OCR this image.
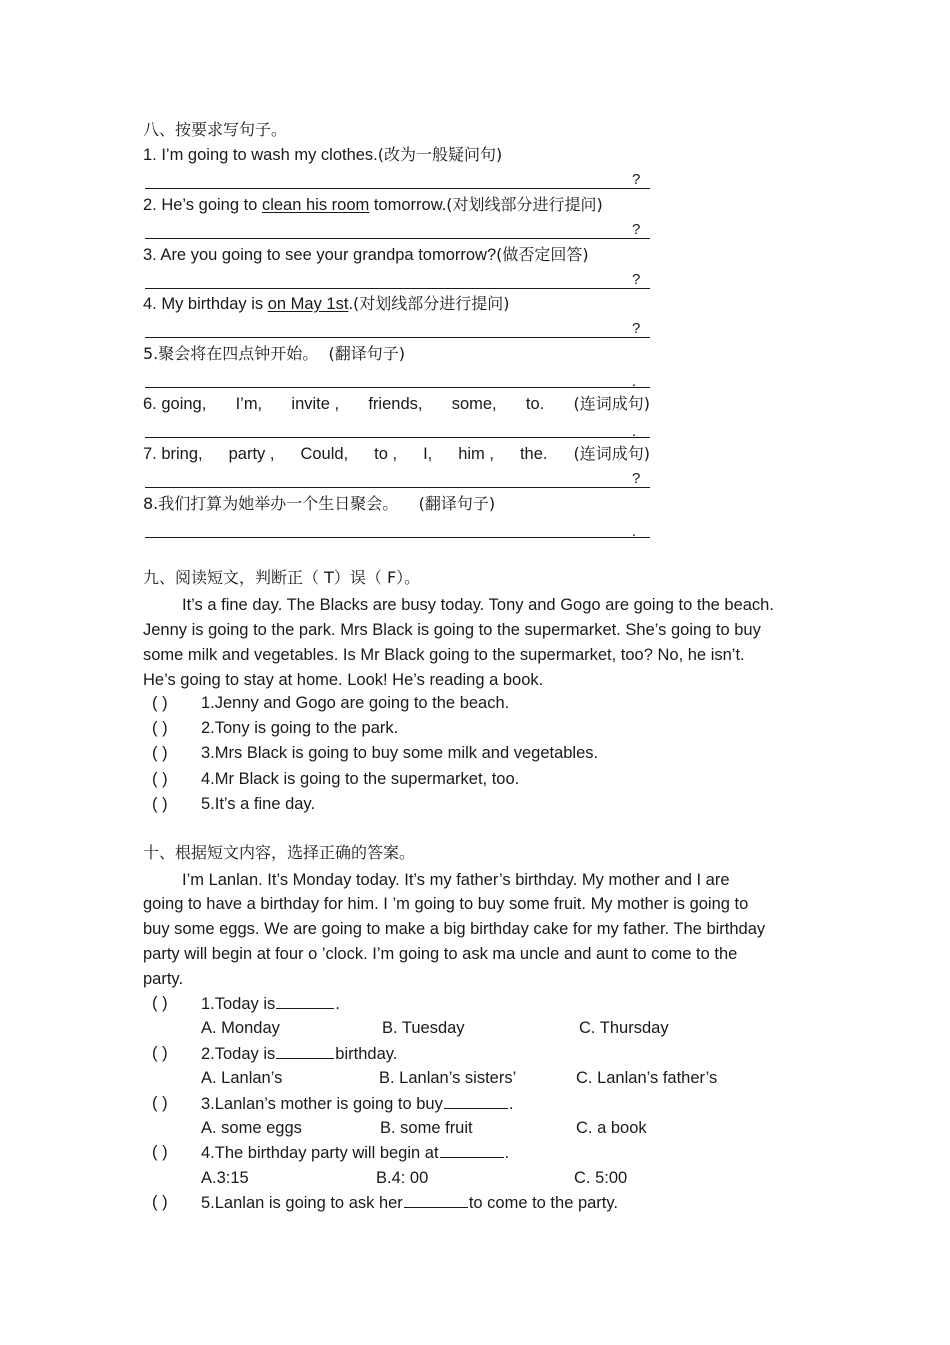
八、按要求写句子。
1. I’m going to wash my clothes.(改为一般疑问句)
?
2. He’s going to clean his room tomorrow.(对划线部分进行提问)
?
3. Are you going to see your grandpa tomorrow?(做否定回答)
?
4. My birthday is on May 1st.(对划线部分进行提问)
?
5.聚会将在四点钟开始。 (翻译句子)
.
6. going, I’m, invite , friends, some, to. (连词成句)
.
7. bring, party , Could, to , I, him , the. (连词成句)
?
8.我们打算为她举办一个生日聚会。 (翻译句子)
.
九、阅读短文，判断正（ T）误（ F）。
It’s a fine day. The Blacks are busy today. Tony and Gogo are going to the beach.
Jenny is going to the park. Mrs Black is going to the supermarket. She’s going to buy
some milk and vegetables. Is Mr Black going to the supermarket, too? No, he isn’t.
He’s going to stay at home. Look! He’s reading a book.
( ) 1.Jenny and Gogo are going to the beach.
( ) 2.Tony is going to the park.
( ) 3.Mrs Black is going to buy some milk and vegetables.
( ) 4.Mr Black is going to the supermarket, too.
( ) 5.It’s a fine day.
十、根据短文内容，选择正确的答案。
I’m Lanlan. It’s Monday today. It’s my father’s birthday. My mother and I are
going to have a birthday for him. I ’m going to buy some fruit. My mother is going to
buy some eggs. We are going to make a big birthday cake for my father. The birthday
party will begin at four o ’clock. I’m going to ask ma uncle and aunt to come to the
party.
( ) 1.Today is	.
A. Monday	B. Tuesday	C. Thursday
( ) 2.Today is	birthday.
A. Lanlan’s	B. Lanlan’s sisters’	C. Lanlan’s father’s
( ) 3.Lanlan’s mother is going to buy	.
A. some eggs	B. some fruit	C. a book
( ) 4.The birthday party will begin at	.
A.3:15	B.4: 00	C. 5:00
( ) 5.Lanlan is going to ask her	to come to the party.
